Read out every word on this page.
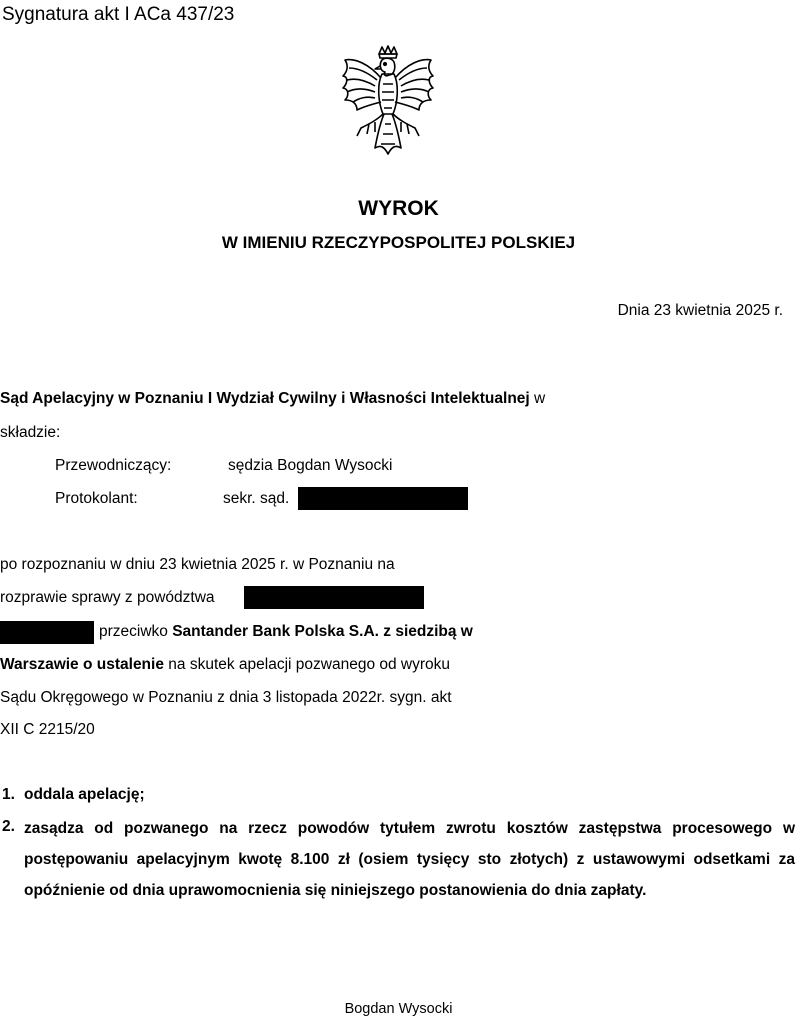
Sygnatura akt I ACa 437/23
WYROK
W IMIENIU RZECZYPOSPOLITEJ POLSKIEJ
Dnia 23 kwietnia 2025 r.
Sąd Apelacyjny w Poznaniu I Wydział Cywilny i Własności Intelektualnej w
składzie:
Przewodniczący:	sędzia Bogdan Wysocki
Protokolant:	sekr. sąd.
po rozpoznaniu w dniu 23 kwietnia 2025 r. w Poznaniu na
rozprawie sprawy z powództwa
przeciwko Santander Bank Polska S.A. z siedzibą w
Warszawie o ustalenie na skutek apelacji pozwanego od wyroku
Sądu Okręgowego w Poznaniu z dnia 3 listopada 2022r. sygn. akt
XII C 2215/20
1. oddala apelację;
2. zasądza od pozwanego na rzecz powodów tytułem zwrotu kosztów zastępstwa procesowego w postępowaniu apelacyjnym kwotę 8.100 zł (osiem tysięcy sto złotych) z ustawowymi odsetkami za opóźnienie od dnia uprawomocnienia się niniejszego postanowienia do dnia zapłaty.
Bogdan Wysocki
